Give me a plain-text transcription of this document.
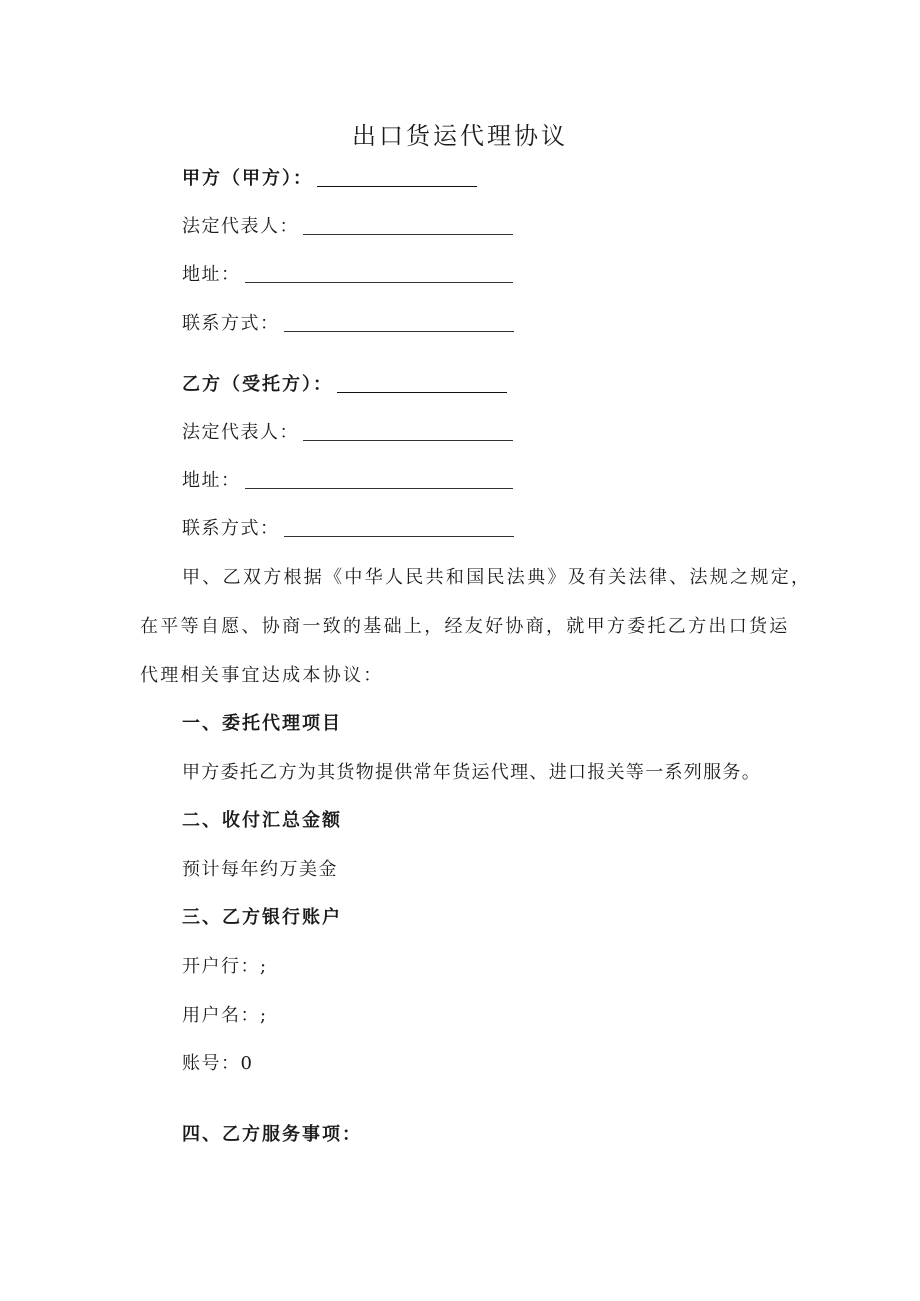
出口货运代理协议
甲方（甲方）：
法定代表人：
地址：
联系方式：
乙方（受托方）：
法定代表人：
地址：
联系方式：
甲、乙双方根据《中华人民共和国民法典》及有关法律、法规之规定，
在平等自愿、协商一致的基础上，经友好协商，就甲方委托乙方出口货运
代理相关事宜达成本协议：
一、委托代理项目
甲方委托乙方为其货物提供常年货运代理、进口报关等一系列服务。
二、收付汇总金额
预计每年约万美金
三、乙方银行账户
开户行：;
用户名：;
账号：0
四、乙方服务事项：
